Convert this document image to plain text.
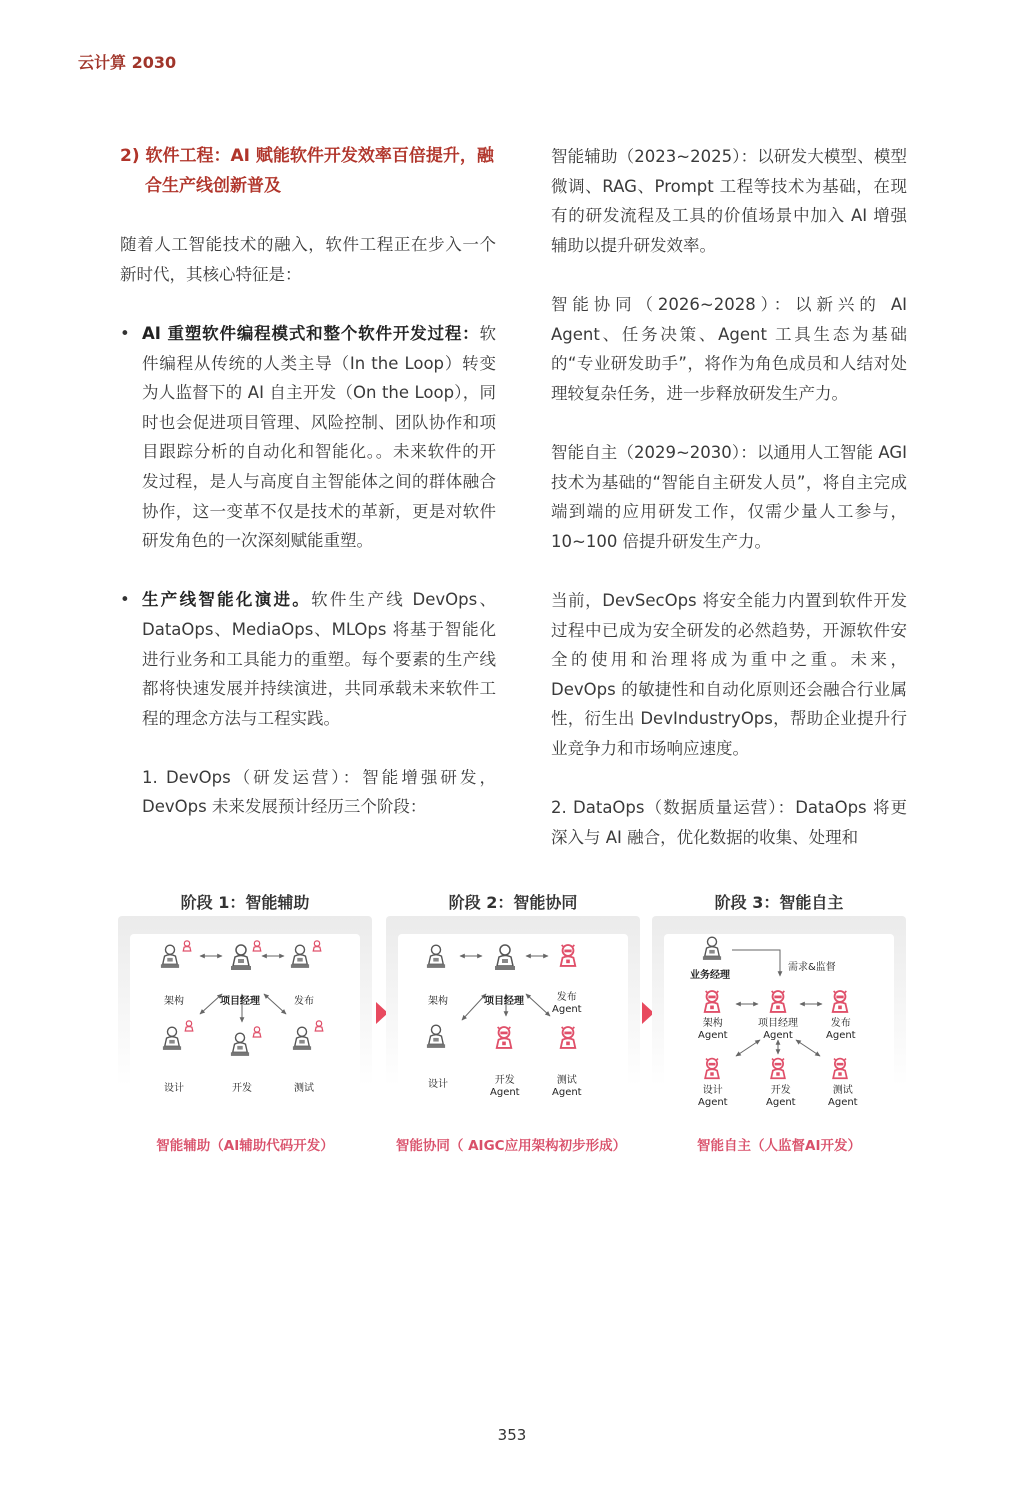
云计算 2030
2) 软件工程：AI 赋能软件开发效率百倍提升，融合生产线创新普及
随着人工智能技术的融入，软件工程正在步入一个新时代，其核心特征是：
• AI 重塑软件编程模式和整个软件开发过程：软件编程从传统的人类主导（In the Loop）转变为人监督下的 AI 自主开发（On the Loop），同时也会促进项目管理、风险控制、团队协作和项目跟踪分析的自动化和智能化。。未来软件的开发过程，是人与高度自主智能体之间的群体融合协作，这一变革不仅是技术的革新，更是对软件研发角色的一次深刻赋能重塑。
• 生产线智能化演进。软件生产线 DevOps、DataOps、MediaOps、MLOps 将基于智能化进行业务和工具能力的重塑。每个要素的生产线都将快速发展并持续演进，共同承载未来软件工程的理念方法与工程实践。
1. DevOps（研发运营）：智能增强研发，DevOps 未来发展预计经历三个阶段：
智能辅助（2023~2025）：以研发大模型、模型微调、RAG、Prompt 工程等技术为基础，在现有的研发流程及工具的价值场景中加入 AI 增强辅助以提升研发效率。
智能协同（2026~2028）：以新兴的 AI Agent、任务决策、Agent 工具生态为基础的“专业研发助手”，将作为角色成员和人结对处理较复杂任务，进一步释放研发生产力。
智能自主（2029~2030）：以通用人工智能 AGI 技术为基础的“智能自主研发人员”，将自主完成端到端的应用研发工作，仅需少量人工参与，10~100 倍提升研发生产力。
当前，DevSecOps 将安全能力内置到软件开发过程中已成为安全研发的必然趋势，开源软件安全的使用和治理将成为重中之重。未来，DevOps 的敏捷性和自动化原则还会融合行业属性，衍生出 DevIndustryOps，帮助企业提升行业竞争力和市场响应速度。
2. DataOps（数据质量运营）：DataOps 将更深入与 AI 融合，优化数据的收集、处理和
阶段 1：智能辅助
架构	项目经理	发布
设计	开发	测试
阶段 2：智能协同
架构	项目经理	发布
Agent
设计	开发
Agent
测试
Agent
阶段 3：智能自主
业务经理
需求&监督
架构
Agent
项目经理
Agent
发布
Agent
设计
Agent
开发
Agent
测试
Agent
智能辅助（AI辅助代码开发）	智能协同（ AIGC应用架构初步形成）	智能自主（人监督AI开发）
353
